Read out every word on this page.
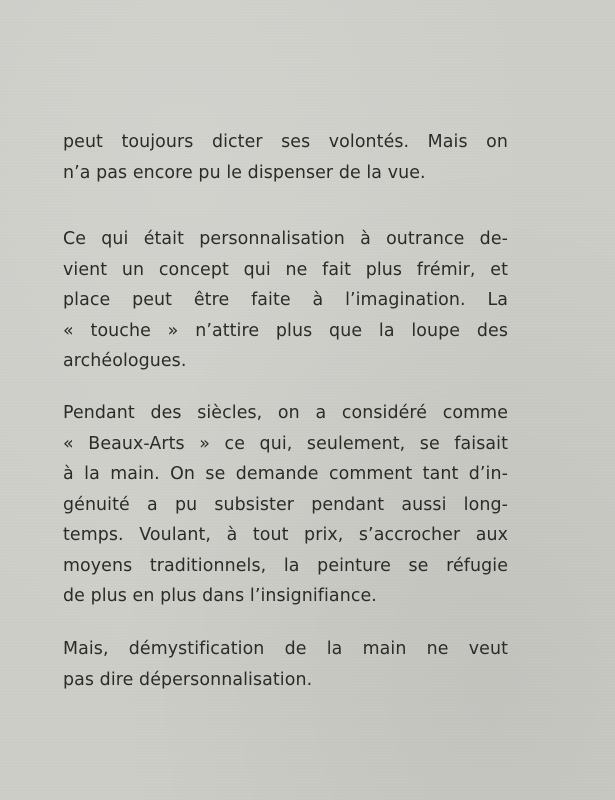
peut toujours dicter ses volontés. Mais on
n’a pas encore pu le dispenser de la vue.
Ce qui était personnalisation à outrance de-
vient un concept qui ne fait plus frémir, et
place peut être faite à l’imagination. La
« touche » n’attire plus que la loupe des
archéologues.
Pendant des siècles, on a considéré comme
« Beaux-Arts » ce qui, seulement, se faisait
à la main. On se demande comment tant d’in-
génuité a pu subsister pendant aussi long-
temps. Voulant, à tout prix, s’accrocher aux
moyens traditionnels, la peinture se réfugie
de plus en plus dans l’insignifiance.
Mais, démystification de la main ne veut
pas dire dépersonnalisation.
